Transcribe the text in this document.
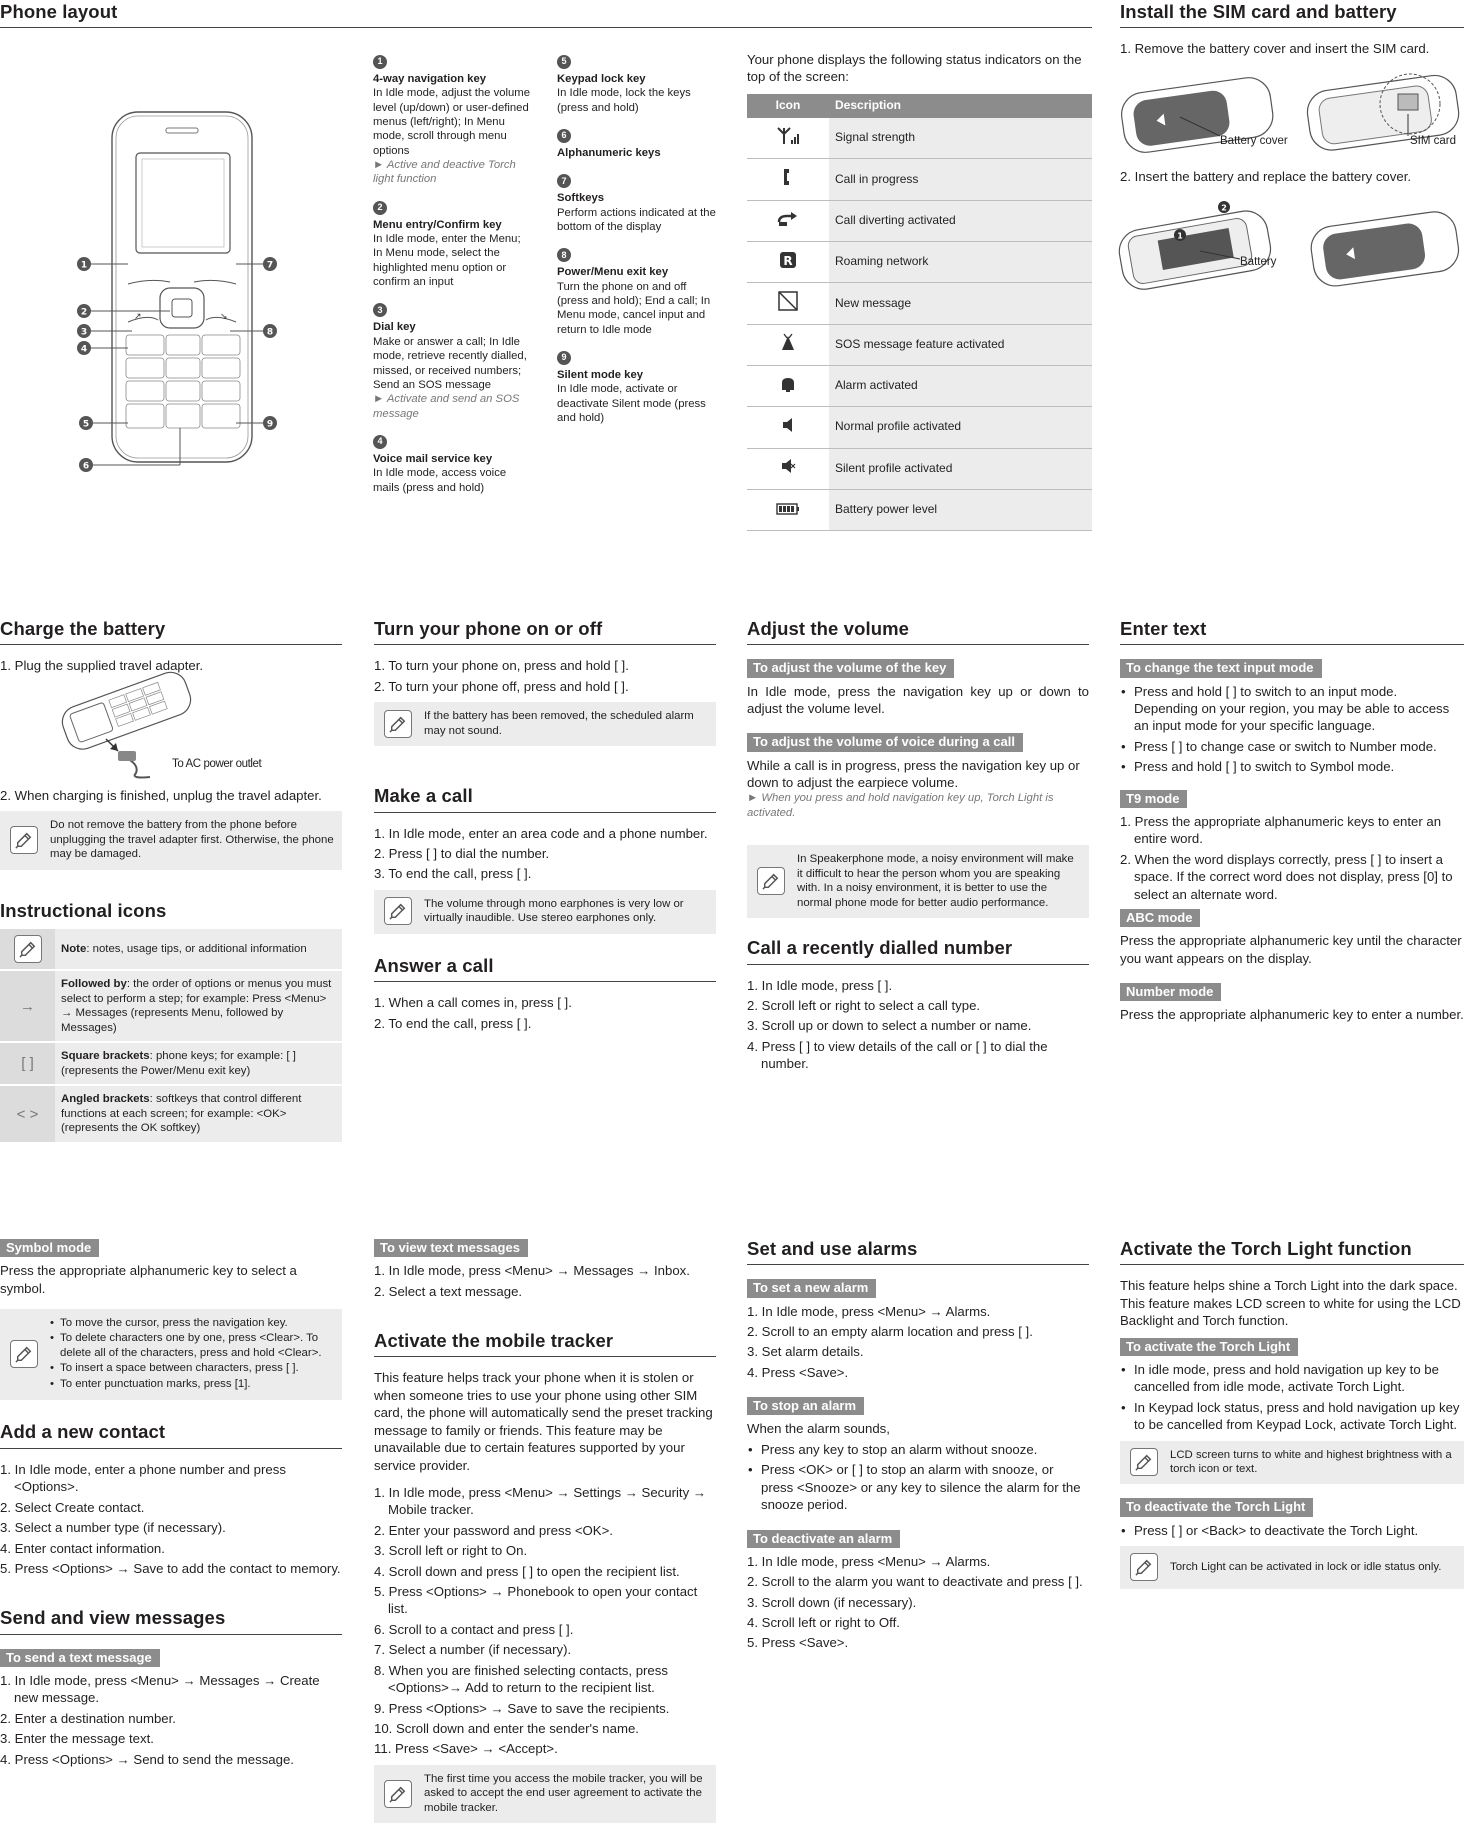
Phone layout
↗	↘
1
2
3
4
5
6
7
8
9
1
4-way navigation key
In Idle mode, adjust the volume level (up/down) or user-defined menus (left/right); In Menu mode, scroll through menu options
► Active and deactive Torch light function
2
Menu entry/Confirm key
In Idle mode, enter the Menu; In Menu mode, select the highlighted menu option or confirm an input
3
Dial key
Make or answer a call; In Idle mode, retrieve recently dialled, missed, or received numbers; Send an SOS message
► Activate and send an SOS message
4
Voice mail service key
In Idle mode, access voice mails (press and hold)
5
Keypad lock key
In Idle mode, lock the keys (press and hold)
6
Alphanumeric keys
7
Softkeys
Perform actions indicated at the bottom of the display
8
Power/Menu exit key
Turn the phone on and off (press and hold); End a call; In Menu mode, cancel input and return to Idle mode
9
Silent mode key
In Idle mode, activate or deactivate Silent mode (press and hold)
Your phone displays the following status indicators on the top of the screen:
Icon	Description
	Signal strength
	Call in progress
	Call diverting activated

R	Roaming network
	New message
	SOS message feature activated
	Alarm activated
	Normal profile activated
	Silent profile activated
	Battery power level
Install the SIM card and battery
1. Remove the battery cover and insert the SIM card.
Battery cover	SIM card
2. Insert the battery and replace the battery cover.
2
1
Battery
Charge the battery
1. Plug the supplied travel adapter.
To AC power outlet
2. When charging is finished, unplug the travel adapter.
Do not remove the battery from the phone before unplugging the travel adapter first. Otherwise, the phone may be damaged.
Instructional icons
	Note: notes, usage tips, or additional information
→	Followed by: the order of options or menus you must select to perform a step; for example: Press <Menu> → Messages (represents Menu, followed by Messages)
[ ]	Square brackets: phone keys; for example: [ ] (represents the Power/Menu exit key)
< >	Angled brackets: softkeys that control different functions at each screen; for example: <OK> (represents the OK softkey)
Turn your phone on or off
1. To turn your phone on, press and hold [ ].
2. To turn your phone off, press and hold [ ].
If the battery has been removed, the scheduled alarm may not sound.
Make a call
1. In Idle mode, enter an area code and a phone number.
2. Press [ ] to dial the number.
3. To end the call, press [ ].
The volume through mono earphones is very low or virtually inaudible. Use stereo earphones only.
Answer a call
1. When a call comes in, press [ ].
2. To end the call, press [ ].
Adjust the volume
To adjust the volume of the key
In Idle mode, press the navigation key up or down to adjust the volume level.
To adjust the volume of voice during a call
While a call is in progress, press the navigation key up or down to adjust the earpiece volume.
► When you press and hold navigation key up, Torch Light is activated.
In Speakerphone mode, a noisy environment will make it difficult to hear the person whom you are speaking with. In a noisy environment, it is better to use the normal phone mode for better audio performance.
Call a recently dialled number
1. In Idle mode, press [ ].
2. Scroll left or right to select a call type.
3. Scroll up or down to select a number or name.
4. Press [ ] to view details of the call or [ ] to dial the number.
Enter text
To change the text input mode
• Press and hold [ ] to switch to an input mode. Depending on your region, you may be able to access an input mode for your specific language.
• Press [ ] to change case or switch to Number mode.
• Press and hold [ ] to switch to Symbol mode.
T9 mode
1. Press the appropriate alphanumeric keys to enter an entire word.
2. When the word displays correctly, press [ ] to insert a space. If the correct word does not display, press [0] to select an alternate word.
ABC mode
Press the appropriate alphanumeric key until the character you want appears on the display.
Number mode
Press the appropriate alphanumeric key to enter a number.
Symbol mode
Press the appropriate alphanumeric key to select a symbol.
• To move the cursor, press the navigation key.
• To delete characters one by one, press <Clear>. To delete all of the characters, press and hold <Clear>.
• To insert a space between characters, press [ ].
• To enter punctuation marks, press [1].
Add a new contact
1. In Idle mode, enter a phone number and press <Options>.
2. Select Create contact.
3. Select a number type (if necessary).
4. Enter contact information.
5. Press <Options> → Save to add the contact to memory.
Send and view messages
To send a text message
1. In Idle mode, press <Menu> → Messages → Create new message.
2. Enter a destination number.
3. Enter the message text.
4. Press <Options> → Send to send the message.
To view text messages
1. In Idle mode, press <Menu> → Messages → Inbox.
2. Select a text message.
Activate the mobile tracker
This feature helps track your phone when it is stolen or when someone tries to use your phone using other SIM card, the phone will automatically send the preset tracking message to family or friends. This feature may be unavailable due to certain features supported by your service provider.
1. In Idle mode, press <Menu> → Settings → Security → Mobile tracker.
2. Enter your password and press <OK>.
3. Scroll left or right to On.
4. Scroll down and press [ ] to open the recipient list.
5. Press <Options> → Phonebook to open your contact list.
6. Scroll to a contact and press [ ].
7. Select a number (if necessary).
8. When you are finished selecting contacts, press <Options>→ Add to return to the recipient list.
9. Press <Options> → Save to save the recipients.
10. Scroll down and enter the sender's name.
11. Press <Save> → <Accept>.
The first time you access the mobile tracker, you will be asked to accept the end user agreement to activate the mobile tracker.
Set and use alarms
To set a new alarm
1. In Idle mode, press <Menu> → Alarms.
2. Scroll to an empty alarm location and press [ ].
3. Set alarm details.
4. Press <Save>.
To stop an alarm
When the alarm sounds,
• Press any key to stop an alarm without snooze.
• Press <OK> or [ ] to stop an alarm with snooze, or press <Snooze> or any key to silence the alarm for the snooze period.
To deactivate an alarm
1. In Idle mode, press <Menu> → Alarms.
2. Scroll to the alarm you want to deactivate and press [ ].
3. Scroll down (if necessary).
4. Scroll left or right to Off.
5. Press <Save>.
Activate the Torch Light function
This feature helps shine a Torch Light into the dark space. This feature makes LCD screen to white for using the LCD Backlight and Torch function.
To activate the Torch Light
• In idle mode, press and hold navigation up key to be cancelled from idle mode, activate Torch Light.
• In Keypad lock status, press and hold navigation up key to be cancelled from Keypad Lock, activate Torch Light.
LCD screen turns to white and highest brightness with a torch icon or text.
To deactivate the Torch Light
• Press [ ] or <Back> to deactivate the Torch Light.
Torch Light can be activated in lock or idle status only.
